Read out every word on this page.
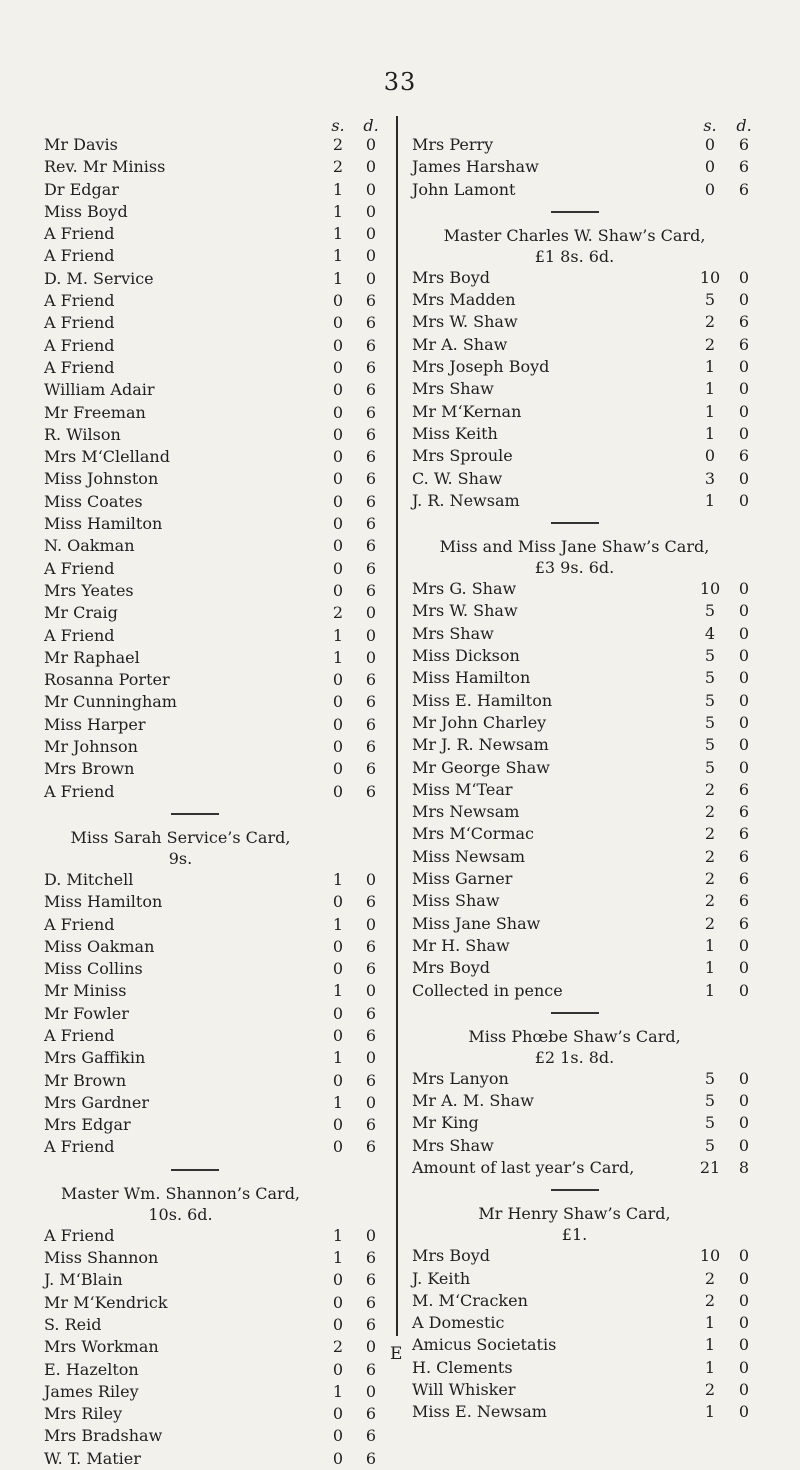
33
s. d.
Mr Davis	2	0
Rev. Mr Miniss	2	0
Dr Edgar	1	0
Miss Boyd	1	0
A Friend	1	0
A Friend	1	0
D. M. Service	1	0
A Friend	0	6
A Friend	0	6
A Friend	0	6
A Friend	0	6
William Adair	0	6
Mr Freeman	0	6
R. Wilson	0	6
Mrs M‘Clelland	0	6
Miss Johnston	0	6
Miss Coates	0	6
Miss Hamilton	0	6
N. Oakman	0	6
A Friend	0	6
Mrs Yeates	0	6
Mr Craig	2	0
A Friend	1	0
Mr Raphael	1	0
Rosanna Porter	0	6
Mr Cunningham	0	6
Miss Harper	0	6
Mr Johnson	0	6
Mrs Brown	0	6
A Friend	0	6
Miss Sarah Service’s Card,
9s.
D. Mitchell	1	0
Miss Hamilton	0	6
A Friend	1	0
Miss Oakman	0	6
Miss Collins	0	6
Mr Miniss	1	0
Mr Fowler	0	6
A Friend	0	6
Mrs Gaffikin	1	0
Mr Brown	0	6
Mrs Gardner	1	0
Mrs Edgar	0	6
A Friend	0	6
Master Wm. Shannon’s Card,
10s. 6d.
A Friend	1	0
Miss Shannon	1	6
J. M‘Blain	0	6
Mr M‘Kendrick	0	6
S. Reid	0	6
Mrs Workman	2	0
E. Hazelton	0	6
James Riley	1	0
Mrs Riley	0	6
Mrs Bradshaw	0	6
W. T. Matier	0	6
s. d.
Mrs Perry	0	6
James Harshaw	0	6
John Lamont	0	6
Master Charles W. Shaw’s Card,
£1 8s. 6d.
Mrs Boyd	10	0
Mrs Madden	5	0
Mrs W. Shaw	2	6
Mr A. Shaw	2	6
Mrs Joseph Boyd	1	0
Mrs Shaw	1	0
Mr M‘Kernan	1	0
Miss Keith	1	0
Mrs Sproule	0	6
C. W. Shaw	3	0
J. R. Newsam	1	0
Miss and Miss Jane Shaw’s Card,
£3 9s. 6d.
Mrs G. Shaw	10	0
Mrs W. Shaw	5	0
Mrs Shaw	4	0
Miss Dickson	5	0
Miss Hamilton	5	0
Miss E. Hamilton	5	0
Mr John Charley	5	0
Mr J. R. Newsam	5	0
Mr George Shaw	5	0
Miss M‘Tear	2	6
Mrs Newsam	2	6
Mrs M‘Cormac	2	6
Miss Newsam	2	6
Miss Garner	2	6
Miss Shaw	2	6
Miss Jane Shaw	2	6
Mr H. Shaw	1	0
Mrs Boyd	1	0
Collected in pence	1	0
Miss Phœbe Shaw’s Card,
£2 1s. 8d.
Mrs Lanyon	5	0
Mr A. M. Shaw	5	0
Mr King	5	0
Mrs Shaw	5	0
Amount of last year’s Card,	21	8
Mr Henry Shaw’s Card,
£1.
Mrs Boyd	10	0
J. Keith	2	0
M. M‘Cracken	2	0
A Domestic	1	0
Amicus Societatis	1	0
H. Clements	1	0
Will Whisker	2	0
Miss E. Newsam	1	0
E
